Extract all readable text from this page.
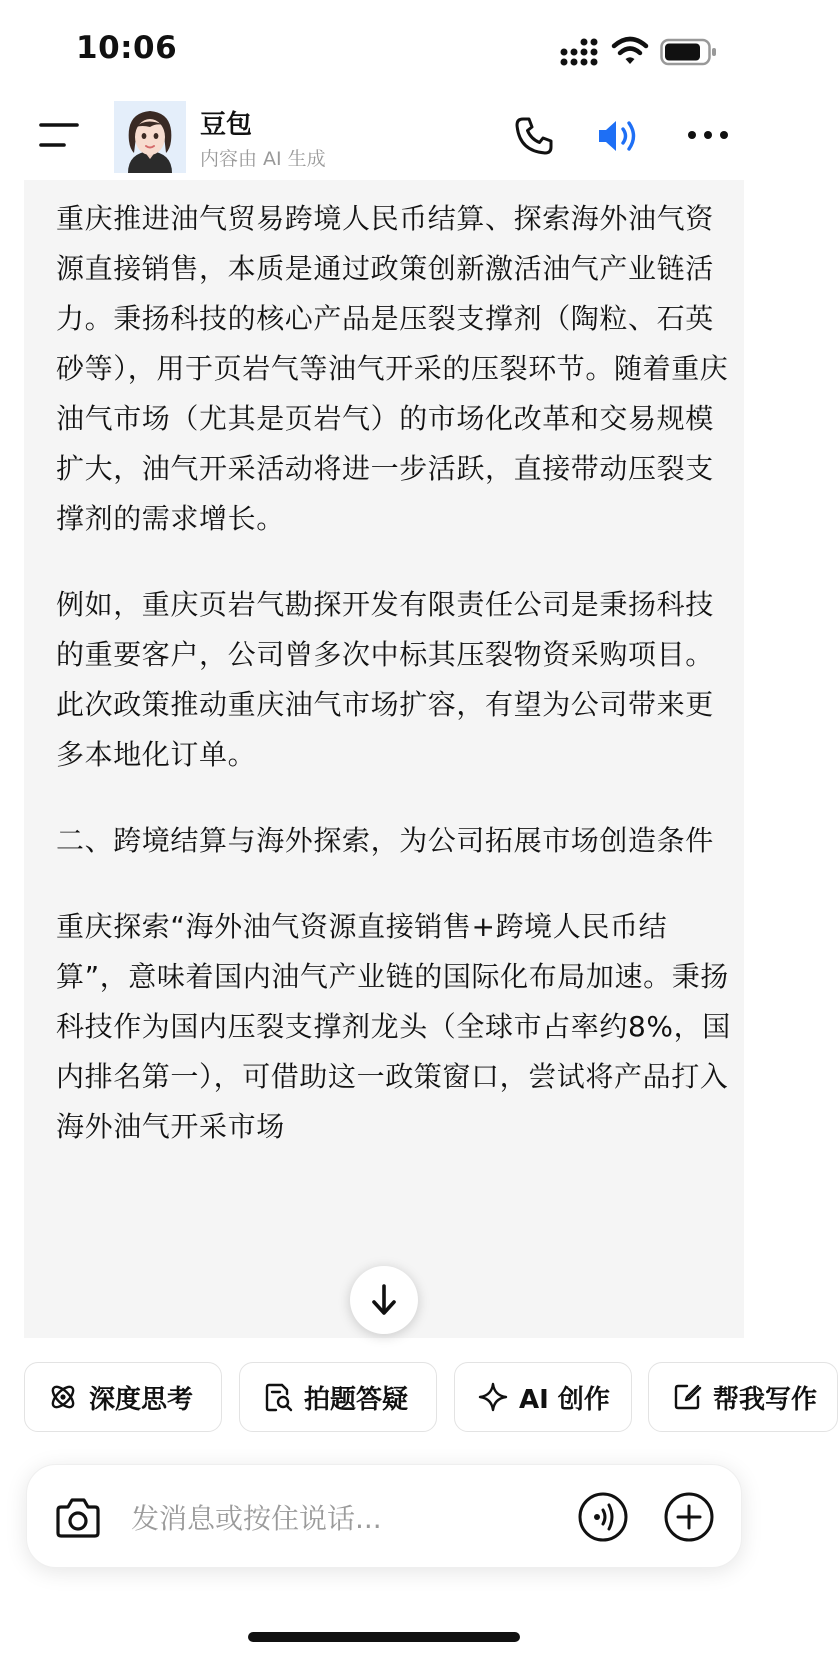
10:06
豆包
内容由 AI 生成

重庆推进油气贸易跨境人民币结算、探索海外油气资源直接销售，本质是通过政策创新激活油气产业链活力。秉扬科技的核心产品是压裂支撑剂（陶粒、石英砂等），用于页岩气等油气开采的压裂环节。随着重庆油气市场（尤其是页岩气）的市场化改革和交易规模扩大，油气开采活动将进一步活跃，直接带动压裂支撑剂的需求增长。

例如，重庆页岩气勘探开发有限责任公司是秉扬科技的重要客户，公司曾多次中标其压裂物资采购项目。此次政策推动重庆油气市场扩容，有望为公司带来更多本地化订单。

二、跨境结算与海外探索，为公司拓展市场创造条件

重庆探索“海外油气资源直接销售+跨境人民币结算”，意味着国内油气产业链的国际化布局加速。秉扬科技作为国内压裂支撑剂龙头（全球市占率约8%，国内排名第一），可借助这一政策窗口，尝试将产品打入海外油气开采市场

深度思考	拍题答疑	AI 创作	帮我写作
发消息或按住说话...
